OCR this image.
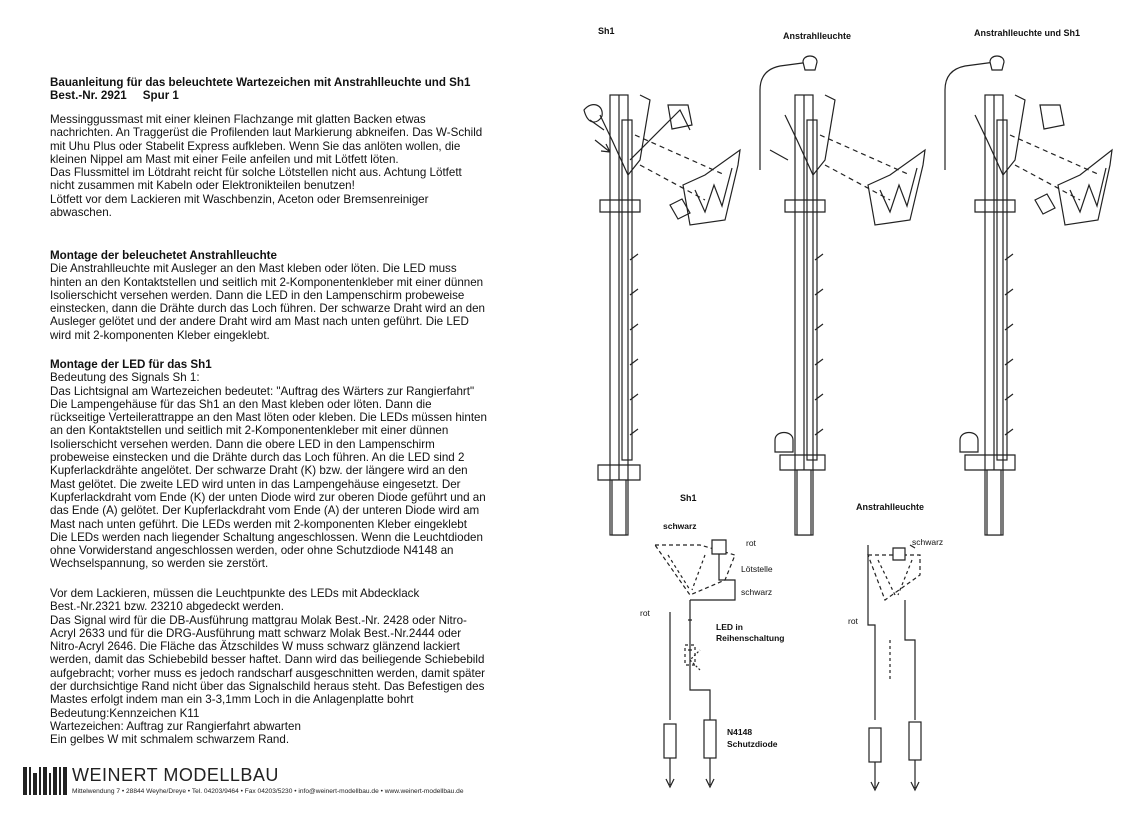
Bauanleitung für das beleuchtete Wartezeichen mit Anstrahlleuchte und Sh1
Best.-Nr. 2921     Spur 1

Messinggussmast mit einer kleinen Flachzange mit glatten Backen etwas

nachrichten. An Traggerüst die Profilenden laut Markierung abkneifen. Das W-Schild

mit Uhu Plus oder Stabelit Express aufkleben. Wenn Sie das anlöten wollen, die

kleinen Nippel am Mast mit einer Feile anfeilen und mit Lötfett löten.

Das Flussmittel im Lötdraht reicht für solche Lötstellen nicht aus. Achtung Lötfett

nicht zusammen mit Kabeln oder Elektronikteilen benutzen!

Lötfett vor dem Lackieren mit Waschbenzin, Aceton oder Bremsenreiniger

abwaschen.

Montage der beleuchetet Anstrahlleuchte

Die Anstrahlleuchte mit Ausleger an den Mast kleben oder löten. Die LED muss

hinten an den Kontaktstellen und seitlich mit 2-Komponentenkleber mit einer dünnen

Isolierschicht versehen werden. Dann die LED in den Lampenschirm probeweise

einstecken, dann die Drähte durch das Loch führen. Der schwarze Draht wird an den

Ausleger gelötet und der andere Draht wird am Mast nach unten geführt. Die LED

wird mit 2-komponenten Kleber eingeklebt.

Montage der LED für das Sh1

Bedeutung des Signals Sh 1:

Das Lichtsignal am Wartezeichen bedeutet: "Auftrag des Wärters zur Rangierfahrt"

Die Lampengehäuse für das Sh1 an den Mast kleben oder löten. Dann die

rückseitige Verteilerattrappe an den Mast löten oder kleben. Die LEDs müssen hinten

an den Kontaktstellen und seitlich mit 2-Komponentenkleber mit einer dünnen

Isolierschicht versehen werden. Dann die obere LED in den Lampenschirm

probeweise einstecken und die Drähte durch das Loch führen. An die LED sind 2

Kupferlackdrähte angelötet. Der schwarze Draht (K) bzw. der längere wird an den

Mast gelötet. Die zweite LED wird unten in das Lampengehäuse eingesetzt. Der

Kupferlackdraht vom Ende (K) der unten Diode wird zur oberen Diode geführt und an

das Ende (A) gelötet. Der Kupferlackdraht vom Ende (A) der unteren Diode wird am

Mast nach unten geführt. Die LEDs werden mit 2-komponenten Kleber eingeklebt

Die LEDs werden nach liegender Schaltung angeschlossen. Wenn die Leuchtdioden

ohne Vorwiderstand angeschlossen werden, oder ohne Schutzdiode N4148 an

Wechselspannung, so werden sie zerstört.

Vor dem Lackieren, müssen die Leuchtpunkte des LEDs mit Abdecklack

Best.-Nr.2321 bzw. 23210 abgedeckt werden.

Das Signal wird für die DB-Ausführung mattgrau Molak Best.-Nr. 2428 oder Nitro-

Acryl 2633 und für die DRG-Ausführung matt schwarz Molak Best.-Nr.2444 oder

Nitro-Acryl 2646. Die Fläche das Ätzschildes W muss schwarz glänzend lackiert

werden, damit das Schiebebild besser haftet. Dann wird das beiliegende Schiebebild

aufgebracht; vorher muss es jedoch randscharf ausgeschnitten werden, damit später

der durchsichtige Rand nicht über das Signalschild heraus steht. Das Befestigen des

Mastes erfolgt indem man ein 3-3,1mm Loch in die Anlagenplatte bohrt

Bedeutung:Kennzeichen K11

Wartezeichen: Auftrag zur Rangierfahrt abwarten

Ein gelbes W mit schmalem schwarzem Rand.

WEINERT MODELLBAU
Mittelwendung 7 • 28844 Weyhe/Dreye • Tel. 04203/9464 • Fax 04203/5230 • info@weinert-modellbau.de • www.weinert-modellbau.de
Sh1	Anstrahlleuchte	Anstrahlleuchte und Sh1
Sh1
Anstrahlleuchte
schwarz
rot
Lötstelle
schwarz
rot
LED in
Reihenschaltung
N4148
Schutzdiode
schwarz
rot
